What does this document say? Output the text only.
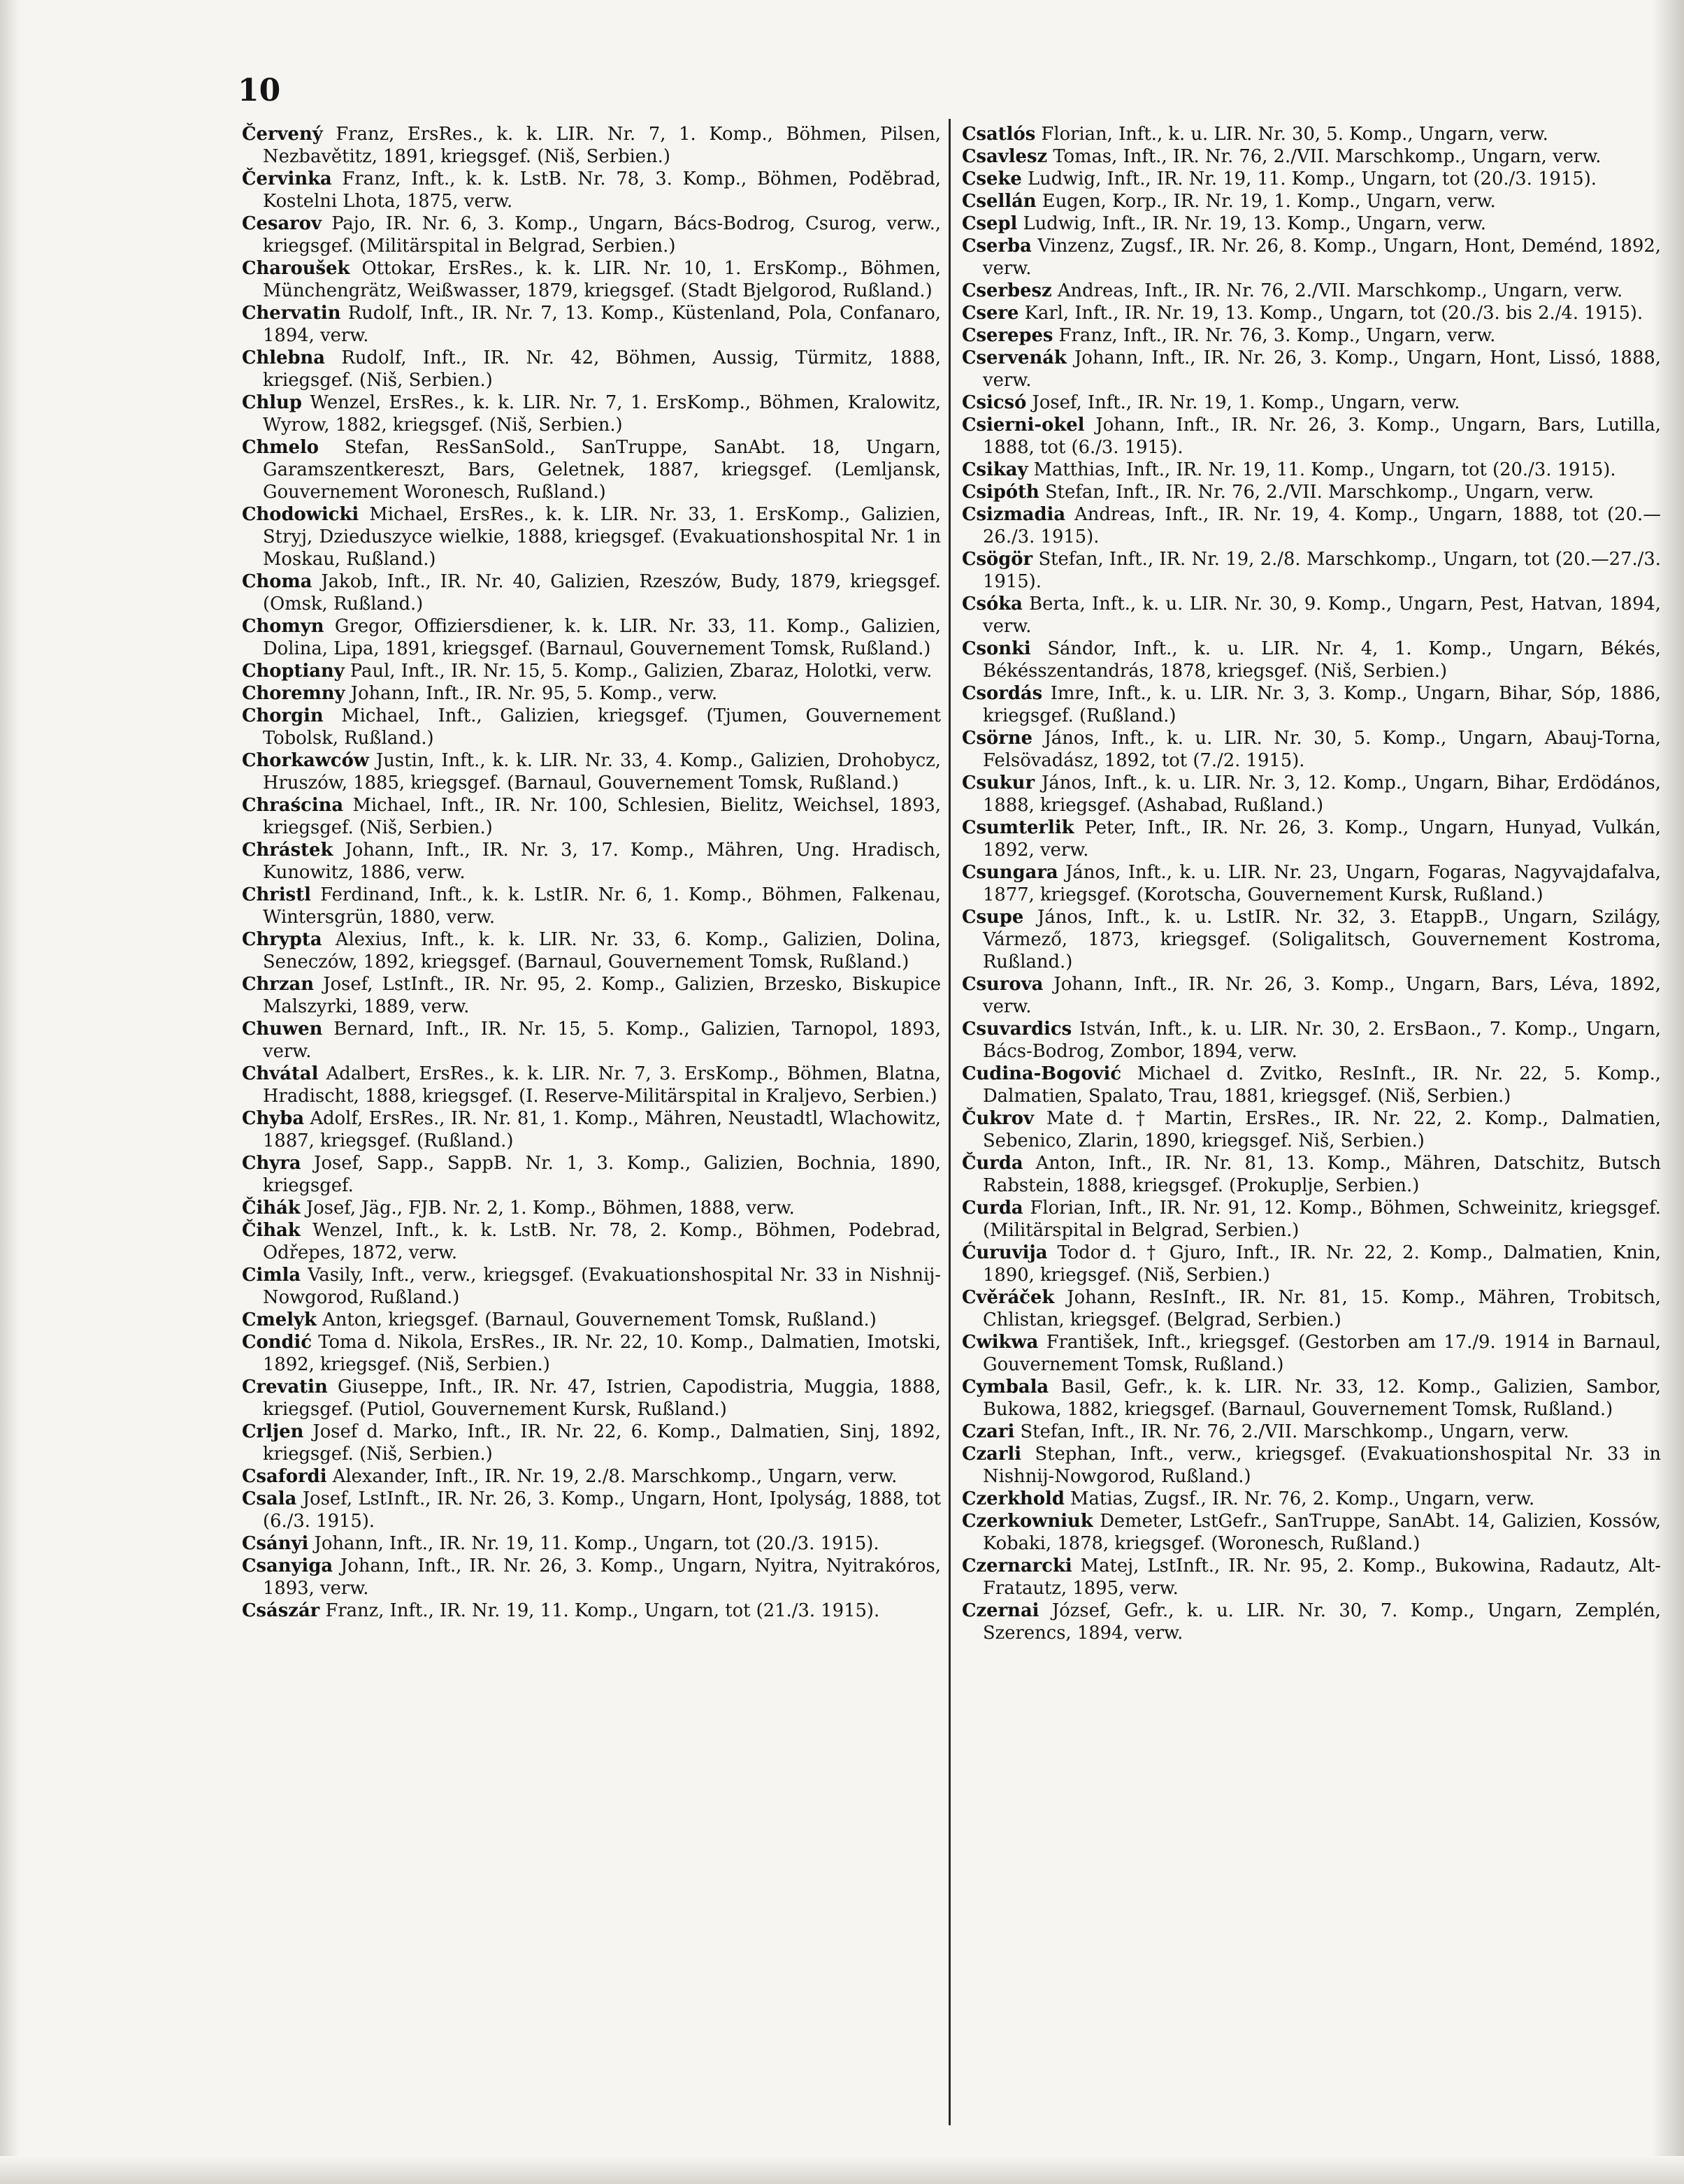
10

Červený Franz, ErsRes., k. k. LIR. Nr. 7, 1. Komp., Böhmen, Pilsen, Nezbavětitz, 1891, kriegsgef. (Niš, Serbien.)

Červinka Franz, Inft., k. k. LstB. Nr. 78, 3. Komp., Böhmen, Podĕbrad, Kostelni Lhota, 1875, verw.

Cesarov Pajo, IR. Nr. 6, 3. Komp., Ungarn, Bács-Bodrog, Csurog, verw., kriegsgef. (Militärspital in Belgrad, Serbien.)

Charoušek Ottokar, ErsRes., k. k. LIR. Nr. 10, 1. ErsKomp., Böhmen, Münchengrätz, Weißwasser, 1879, kriegsgef. (Stadt Bjelgorod, Rußland.)

Chervatin Rudolf, Inft., IR. Nr. 7, 13. Komp., Küstenland, Pola, Confanaro, 1894, verw.

Chlebna Rudolf, Inft., IR. Nr. 42, Böhmen, Aussig, Türmitz, 1888, kriegsgef. (Niš, Serbien.)

Chlup Wenzel, ErsRes., k. k. LIR. Nr. 7, 1. ErsKomp., Böhmen, Kralowitz, Wyrow, 1882, kriegsgef. (Niš, Serbien.)

Chmelo Stefan, ResSanSold., SanTruppe, SanAbt. 18, Ungarn, Garamszentkereszt, Bars, Geletnek, 1887, kriegsgef. (Lemljansk, Gouvernement Woronesch, Rußland.)

Chodowicki Michael, ErsRes., k. k. LIR. Nr. 33, 1. ErsKomp., Galizien, Stryj, Dzieduszyce wielkie, 1888, kriegsgef. (Evakuationshospital Nr. 1 in Moskau, Rußland.)

Choma Jakob, Inft., IR. Nr. 40, Galizien, Rzeszów, Budy, 1879, kriegsgef. (Omsk, Rußland.)

Chomyn Gregor, Offiziersdiener, k. k. LIR. Nr. 33, 11. Komp., Galizien, Dolina, Lipa, 1891, kriegsgef. (Barnaul, Gouvernement Tomsk, Rußland.)

Choptiany Paul, Inft., IR. Nr. 15, 5. Komp., Galizien, Zbaraz, Holotki, verw.

Choremny Johann, Inft., IR. Nr. 95, 5. Komp., verw.

Chorgin Michael, Inft., Galizien, kriegsgef. (Tjumen, Gouvernement Tobolsk, Rußland.)

Chorkawców Justin, Inft., k. k. LIR. Nr. 33, 4. Komp., Galizien, Drohobycz, Hruszów, 1885, kriegsgef. (Barnaul, Gouvernement Tomsk, Rußland.)

Chraścina Michael, Inft., IR. Nr. 100, Schlesien, Bielitz, Weichsel, 1893, kriegsgef. (Niš, Serbien.)

Chrástek Johann, Inft., IR. Nr. 3, 17. Komp., Mähren, Ung. Hradisch, Kunowitz, 1886, verw.

Christl Ferdinand, Inft., k. k. LstIR. Nr. 6, 1. Komp., Böhmen, Falkenau, Wintersgrün, 1880, verw.

Chrypta Alexius, Inft., k. k. LIR. Nr. 33, 6. Komp., Galizien, Dolina, Seneczów, 1892, kriegsgef. (Barnaul, Gouvernement Tomsk, Rußland.)

Chrzan Josef, LstInft., IR. Nr. 95, 2. Komp., Galizien, Brzesko, Biskupice Malszyrki, 1889, verw.

Chuwen Bernard, Inft., IR. Nr. 15, 5. Komp., Galizien, Tarnopol, 1893, verw.

Chvátal Adalbert, ErsRes., k. k. LIR. Nr. 7, 3. ErsKomp., Böhmen, Blatna, Hradischt, 1888, kriegsgef. (I. Reserve-Militärspital in Kraljevo, Serbien.)

Chyba Adolf, ErsRes., IR. Nr. 81, 1. Komp., Mähren, Neustadtl, Wlachowitz, 1887, kriegsgef. (Rußland.)

Chyra Josef, Sapp., SappB. Nr. 1, 3. Komp., Galizien, Bochnia, 1890, kriegsgef.

Čihák Josef, Jäg., FJB. Nr. 2, 1. Komp., Böhmen, 1888, verw.

Čihak Wenzel, Inft., k. k. LstB. Nr. 78, 2. Komp., Böhmen, Podebrad, Odřepes, 1872, verw.

Cimla Vasily, Inft., verw., kriegsgef. (Evakuationshospital Nr. 33 in Nishnij-Nowgorod, Rußland.)

Cmelyk Anton, kriegsgef. (Barnaul, Gouvernement Tomsk, Rußland.)

Condić Toma d. Nikola, ErsRes., IR. Nr. 22, 10. Komp., Dalmatien, Imotski, 1892, kriegsgef. (Niš, Serbien.)

Crevatin Giuseppe, Inft., IR. Nr. 47, Istrien, Capodistria, Muggia, 1888, kriegsgef. (Putiol, Gouvernement Kursk, Rußland.)

Crljen Josef d. Marko, Inft., IR. Nr. 22, 6. Komp., Dalmatien, Sinj, 1892, kriegsgef. (Niš, Serbien.)

Csafordi Alexander, Inft., IR. Nr. 19, 2./8. Marschkomp., Ungarn, verw.

Csala Josef, LstInft., IR. Nr. 26, 3. Komp., Ungarn, Hont, Ipolyság, 1888, tot (6./3. 1915).

Csányi Johann, Inft., IR. Nr. 19, 11. Komp., Ungarn, tot (20./3. 1915).

Csanyiga Johann, Inft., IR. Nr. 26, 3. Komp., Ungarn, Nyitra, Nyitrakóros, 1893, verw.

Császár Franz, Inft., IR. Nr. 19, 11. Komp., Ungarn, tot (21./3. 1915).

Csatlós Florian, Inft., k. u. LIR. Nr. 30, 5. Komp., Ungarn, verw.

Csavlesz Tomas, Inft., IR. Nr. 76, 2./VII. Marschkomp., Ungarn, verw.

Cseke Ludwig, Inft., IR. Nr. 19, 11. Komp., Ungarn, tot (20./3. 1915).

Csellán Eugen, Korp., IR. Nr. 19, 1. Komp., Ungarn, verw.

Csepl Ludwig, Inft., IR. Nr. 19, 13. Komp., Ungarn, verw.

Cserba Vinzenz, Zugsf., IR. Nr. 26, 8. Komp., Ungarn, Hont, Deménd, 1892, verw.

Cserbesz Andreas, Inft., IR. Nr. 76, 2./VII. Marschkomp., Ungarn, verw.

Csere Karl, Inft., IR. Nr. 19, 13. Komp., Ungarn, tot (20./3. bis 2./4. 1915).

Cserepes Franz, Inft., IR. Nr. 76, 3. Komp., Ungarn, verw.

Cservenák Johann, Inft., IR. Nr. 26, 3. Komp., Ungarn, Hont, Lissó, 1888, verw.

Csicsó Josef, Inft., IR. Nr. 19, 1. Komp., Ungarn, verw.

Csierni-okel Johann, Inft., IR. Nr. 26, 3. Komp., Ungarn, Bars, Lutilla, 1888, tot (6./3. 1915).

Csikay Matthias, Inft., IR. Nr. 19, 11. Komp., Ungarn, tot (20./3. 1915).

Csipóth Stefan, Inft., IR. Nr. 76, 2./VII. Marschkomp., Ungarn, verw.

Csizmadia Andreas, Inft., IR. Nr. 19, 4. Komp., Ungarn, 1888, tot (20.—26./3. 1915).

Csögör Stefan, Inft., IR. Nr. 19, 2./8. Marschkomp., Ungarn, tot (20.—27./3. 1915).

Csóka Berta, Inft., k. u. LIR. Nr. 30, 9. Komp., Ungarn, Pest, Hatvan, 1894, verw.

Csonki Sándor, Inft., k. u. LIR. Nr. 4, 1. Komp., Ungarn, Békés, Békésszentandrás, 1878, kriegsgef. (Niš, Serbien.)

Csordás Imre, Inft., k. u. LIR. Nr. 3, 3. Komp., Ungarn, Bihar, Sóp, 1886, kriegsgef. (Rußland.)

Csörne János, Inft., k. u. LIR. Nr. 30, 5. Komp., Ungarn, Abauj-Torna, Felsövadász, 1892, tot (7./2. 1915).

Csukur János, Inft., k. u. LIR. Nr. 3, 12. Komp., Ungarn, Bihar, Erdödános, 1888, kriegsgef. (Ashabad, Rußland.)

Csumterlik Peter, Inft., IR. Nr. 26, 3. Komp., Ungarn, Hunyad, Vulkán, 1892, verw.

Csungara János, Inft., k. u. LIR. Nr. 23, Ungarn, Fogaras, Nagyvajdafalva, 1877, kriegsgef. (Korotscha, Gouvernement Kursk, Rußland.)

Csupe János, Inft., k. u. LstIR. Nr. 32, 3. EtappB., Ungarn, Szilágy, Vármező, 1873, kriegsgef. (Soligalitsch, Gouvernement Kostroma, Rußland.)

Csurova Johann, Inft., IR. Nr. 26, 3. Komp., Ungarn, Bars, Léva, 1892, verw.

Csuvardics István, Inft., k. u. LIR. Nr. 30, 2. ErsBaon., 7. Komp., Ungarn, Bács-Bodrog, Zombor, 1894, verw.

Cudina-Bogović Michael d. Zvitko, ResInft., IR. Nr. 22, 5. Komp., Dalmatien, Spalato, Trau, 1881, kriegsgef. (Niš, Serbien.)

Čukrov Mate d. † Martin, ErsRes., IR. Nr. 22, 2. Komp., Dalmatien, Sebenico, Zlarin, 1890, kriegsgef. Niš, Serbien.)

Čurda Anton, Inft., IR. Nr. 81, 13. Komp., Mähren, Datschitz, Butsch Rabstein, 1888, kriegsgef. (Prokuplje, Serbien.)

Curda Florian, Inft., IR. Nr. 91, 12. Komp., Böhmen, Schweinitz, kriegsgef. (Militärspital in Belgrad, Serbien.)

Ćuruvija Todor d. † Gjuro, Inft., IR. Nr. 22, 2. Komp., Dalmatien, Knin, 1890, kriegsgef. (Niš, Serbien.)

Cvěráček Johann, ResInft., IR. Nr. 81, 15. Komp., Mähren, Trobitsch, Chlistan, kriegsgef. (Belgrad, Serbien.)

Cwikwa František, Inft., kriegsgef. (Gestorben am 17./9. 1914 in Barnaul, Gouvernement Tomsk, Rußland.)

Cymbala Basil, Gefr., k. k. LIR. Nr. 33, 12. Komp., Galizien, Sambor, Bukowa, 1882, kriegsgef. (Barnaul, Gouvernement Tomsk, Rußland.)

Czari Stefan, Inft., IR. Nr. 76, 2./VII. Marschkomp., Ungarn, verw.

Czarli Stephan, Inft., verw., kriegsgef. (Evakuationshospital Nr. 33 in Nishnij-Nowgorod, Rußland.)

Czerkhold Matias, Zugsf., IR. Nr. 76, 2. Komp., Ungarn, verw.

Czerkowniuk Demeter, LstGefr., SanTruppe, SanAbt. 14, Galizien, Kossów, Kobaki, 1878, kriegsgef. (Woronesch, Rußland.)

Czernarcki Matej, LstInft., IR. Nr. 95, 2. Komp., Bukowina, Radautz, Alt-Fratautz, 1895, verw.

Czernai József, Gefr., k. u. LIR. Nr. 30, 7. Komp., Ungarn, Zemplén, Szerencs, 1894, verw.
